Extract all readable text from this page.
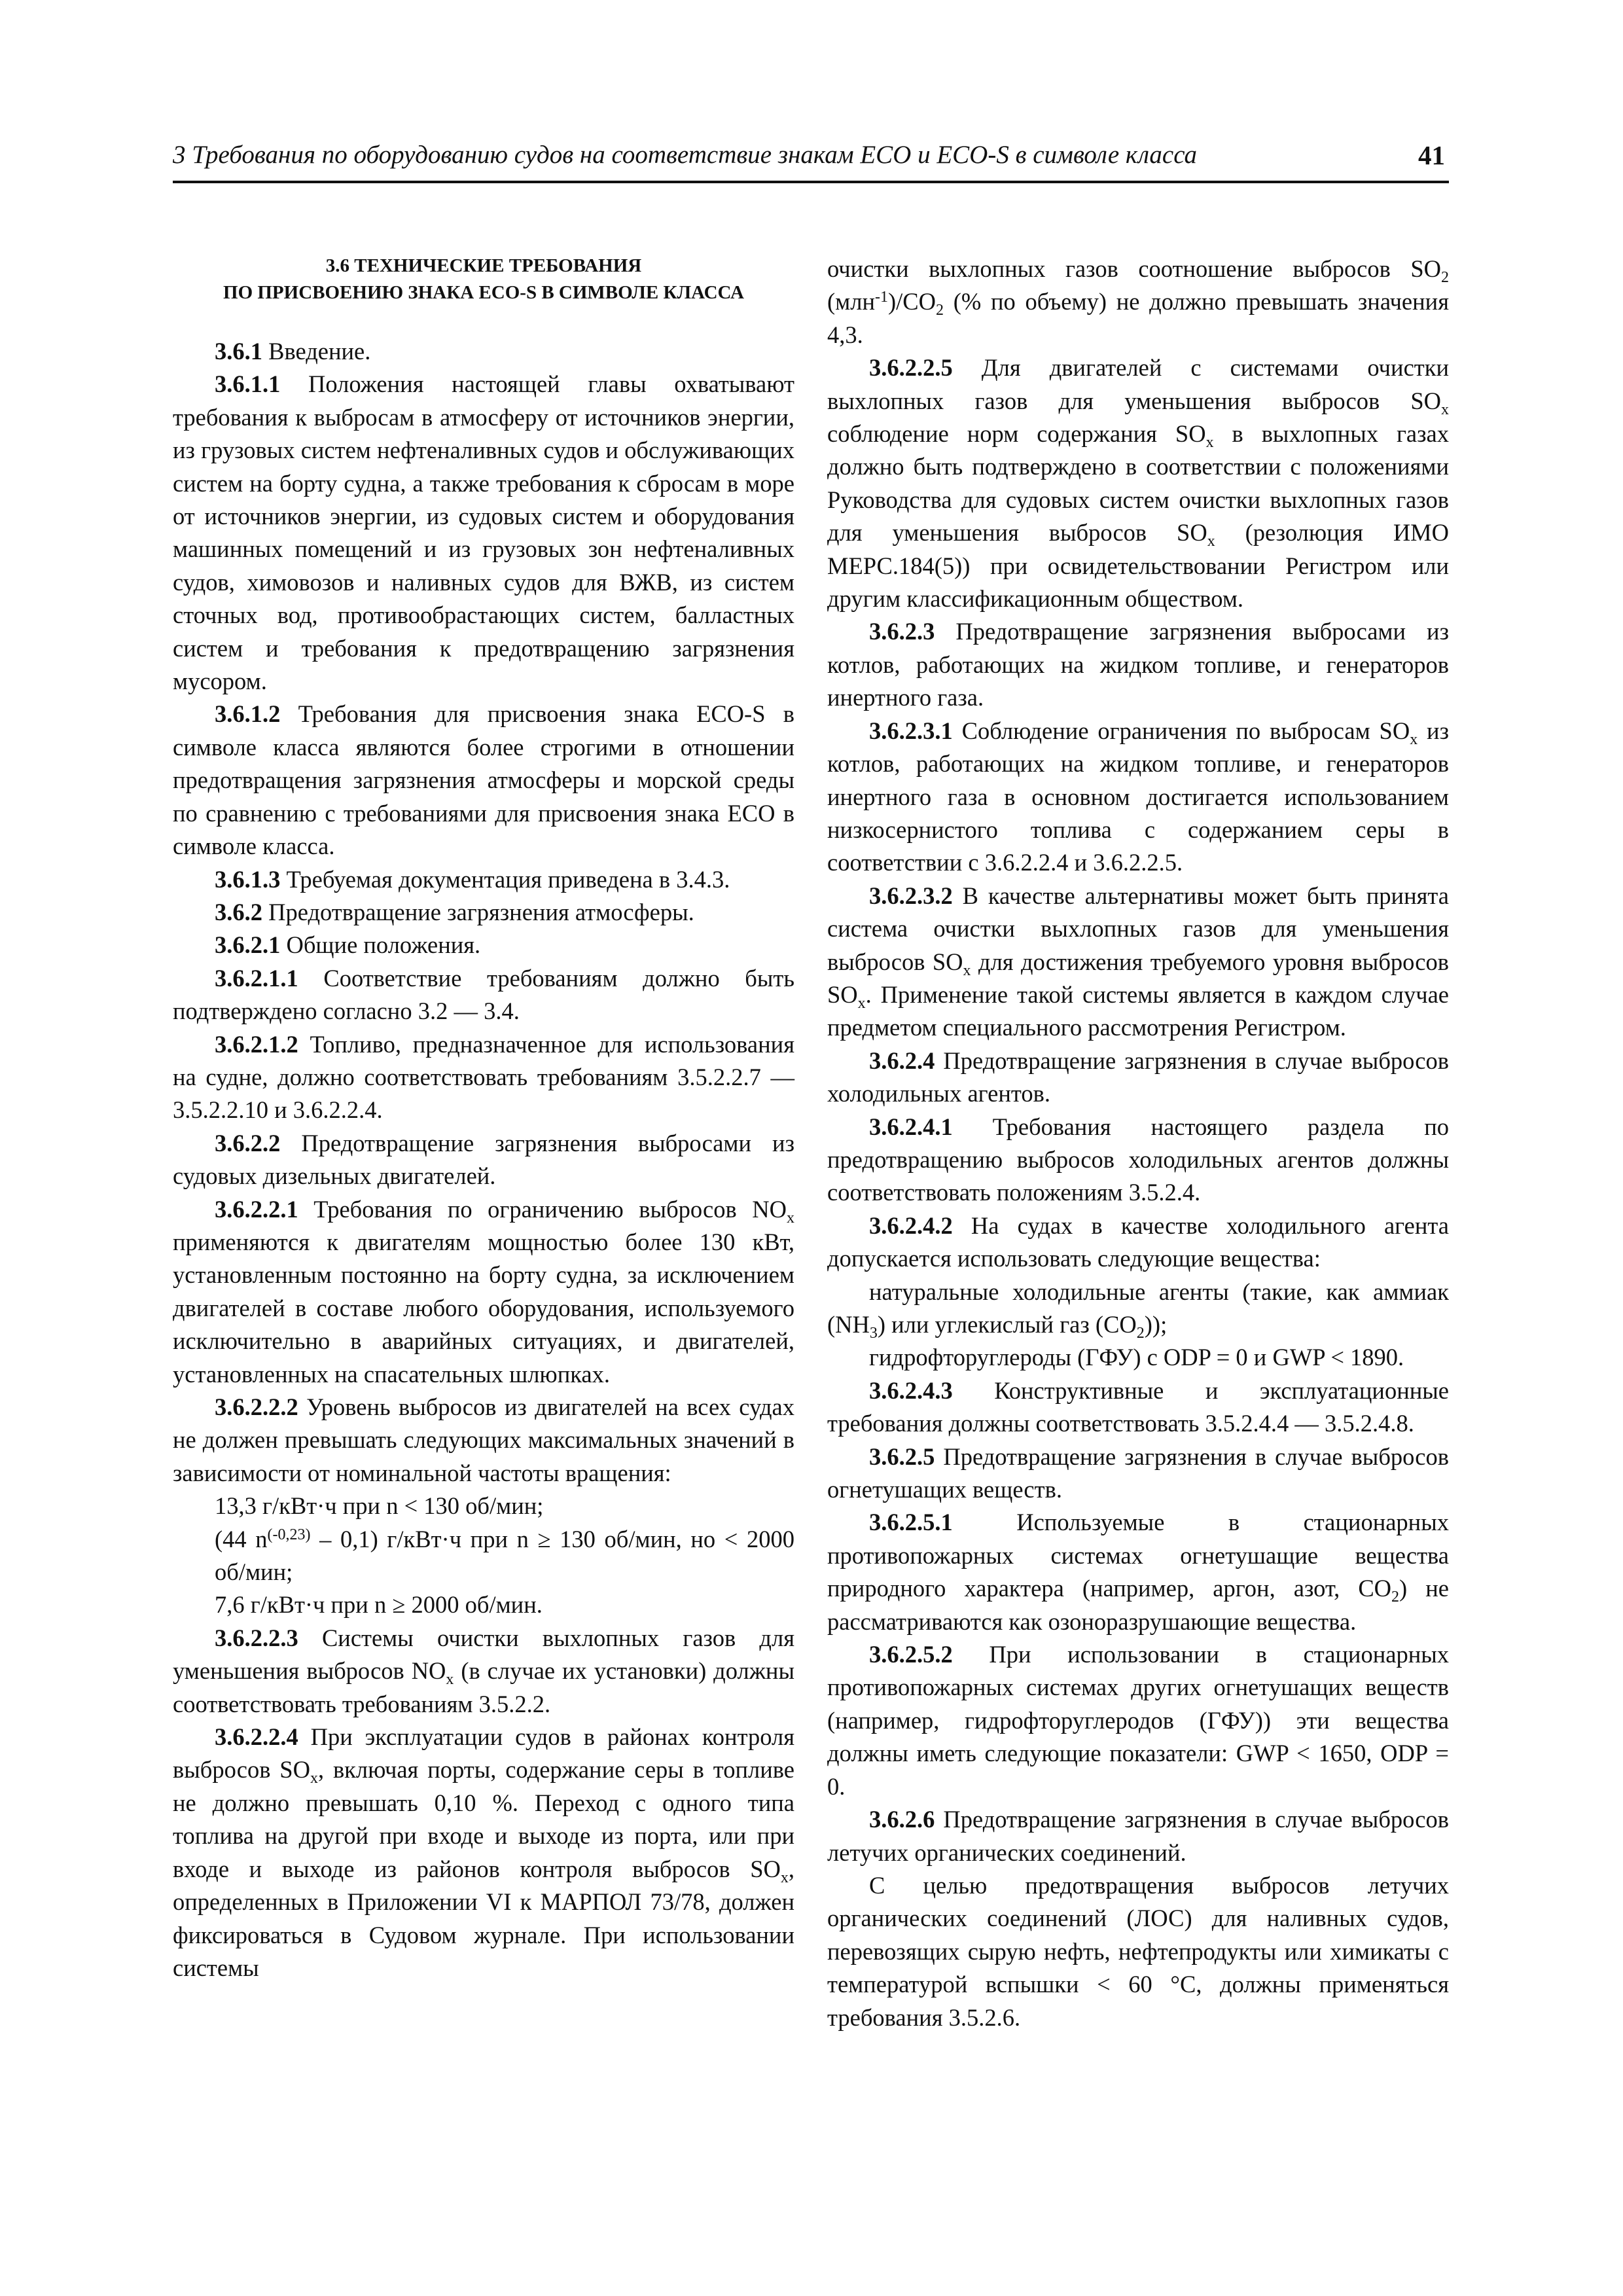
3 Требования по оборудованию судов на соответствие знакам ЕСО и ECO-S в символе класса	41

3.6 ТЕХНИЧЕСКИЕ ТРЕБОВАНИЯ
ПО ПРИСВОЕНИЮ ЗНАКА ECO-S В СИМВОЛЕ КЛАССА

3.6.1 Введение.

3.6.1.1 Положения настоящей главы охватывают требования к выбросам в атмосферу от источников энергии, из грузовых систем нефтеналивных судов и обслуживающих систем на борту судна, а также требования к сбросам в море от источников энергии, из судовых систем и оборудования машинных помещений и из грузовых зон нефтеналивных судов, химовозов и наливных судов для ВЖВ, из систем сточных вод, противообрастающих систем, балластных систем и требования к предотвращению загрязнения мусором.

3.6.1.2 Требования для присвоения знака ECO-S в символе класса являются более строгими в отношении предотвращения загрязнения атмосферы и морской среды по сравнению с требованиями для присвоения знака ЕСО в символе класса.

3.6.1.3 Требуемая документация приведена в 3.4.3.

3.6.2 Предотвращение загрязнения атмосферы.

3.6.2.1 Общие положения.

3.6.2.1.1 Соответствие требованиям должно быть подтверждено согласно 3.2 — 3.4.

3.6.2.1.2 Топливо, предназначенное для использования на судне, должно соответствовать требованиям 3.5.2.2.7 — 3.5.2.2.10 и 3.6.2.2.4.

3.6.2.2 Предотвращение загрязнения выбросами из судовых дизельных двигателей.

3.6.2.2.1 Требования по ограничению выбросов $NO_x$ применяются к двигателям мощностью более 130 кВт, установленным постоянно на борту судна, за исключением двигателей в составе любого оборудования, используемого исключительно в аварийных ситуациях, и двигателей, установленных на спасательных шлюпках.

3.6.2.2.2 Уровень выбросов из двигателей на всех судах не должен превышать следующих максимальных значений в зависимости от номинальной частоты вращения:

13,3 г/кВт·ч при n < 130 об/мин;

(44 $n^{(-0,23)} - 0,1$) г/кВт·ч при n ≥ 130 об/мин, но < 2000 об/мин;

7,6 г/кВт·ч при n ≥ 2000 об/мин.

3.6.2.2.3 Системы очистки выхлопных газов для уменьшения выбросов $NO_x$ (в случае их установки) должны соответствовать требованиям 3.5.2.2.

3.6.2.2.4 При эксплуатации судов в районах контроля выбросов $SO_x$, включая порты, содержание серы в топливе не должно превышать 0,10 %. Переход с одного типа топлива на другой при входе и выходе из порта, или при входе и выходе из районов контроля выбросов $SO_x$, определенных в Приложении VI к МАРПОЛ 73/78, должен фиксироваться в Судовом журнале. При использовании системы

очистки выхлопных газов соотношение выбросов $SO_2$ $(млн^{-1})/CO_2$ (% по объему) не должно превышать значения 4,3.

3.6.2.2.5 Для двигателей с системами очистки выхлопных газов для уменьшения выбросов $SO_x$ соблюдение норм содержания $SO_x$ в выхлопных газах должно быть подтверждено в соответствии с положениями Руководства для судовых систем очистки выхлопных газов для уменьшения выбросов $SO_x$ (резолюция ИМО МЕРС.184(5)) при освидетельствовании Регистром или другим классификационным обществом.

3.6.2.3 Предотвращение загрязнения выбросами из котлов, работающих на жидком топливе, и генераторов инертного газа.

3.6.2.3.1 Соблюдение ограничения по выбросам $SO_x$ из котлов, работающих на жидком топливе, и генераторов инертного газа в основном достигается использованием низкосернистого топлива с содержанием серы в соответствии с 3.6.2.2.4 и 3.6.2.2.5.

3.6.2.3.2 В качестве альтернативы может быть принята система очистки выхлопных газов для уменьшения выбросов $SO_x$ для достижения требуемого уровня выбросов $SO_x$. Применение такой системы является в каждом случае предметом специального рассмотрения Регистром.

3.6.2.4 Предотвращение загрязнения в случае выбросов холодильных агентов.

3.6.2.4.1 Требования настоящего раздела по предотвращению выбросов холодильных агентов должны соответствовать положениям 3.5.2.4.

3.6.2.4.2 На судах в качестве холодильного агента допускается использовать следующие вещества:

натуральные холодильные агенты (такие, как аммиак $(NH_3)$ или углекислый газ $(CO_2)$);

гидрофторуглероды (ГФУ) с ODP = 0 и GWP < 1890.

3.6.2.4.3 Конструктивные и эксплуатационные требования должны соответствовать 3.5.2.4.4 — 3.5.2.4.8.

3.6.2.5 Предотвращение загрязнения в случае выбросов огнетушащих веществ.

3.6.2.5.1 Используемые в стационарных противопожарных системах огнетушащие вещества природного характера (например, аргон, азот, $CO_2$) не рассматриваются как озоноразрушающие вещества.

3.6.2.5.2 При использовании в стационарных противопожарных системах других огнетушащих веществ (например, гидрофторуглеродов (ГФУ)) эти вещества должны иметь следующие показатели: GWP < 1650, ODP = 0.

3.6.2.6 Предотвращение загрязнения в случае выбросов летучих органических соединений.

С целью предотвращения выбросов летучих органических соединений (ЛОС) для наливных судов, перевозящих сырую нефть, нефтепродукты или химикаты с температурой вспышки < 60 °С, должны применяться требования 3.5.2.6.
